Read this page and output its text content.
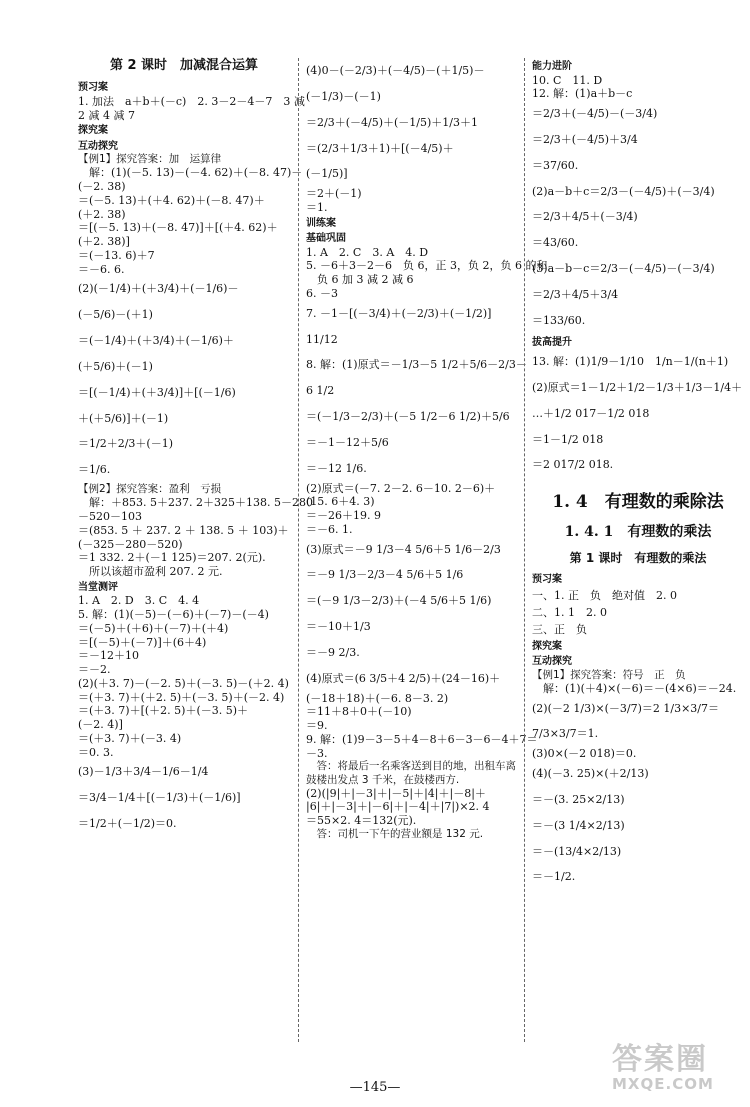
第 2 课时　加减混合运算
预习案
1. 加法　a＋b＋(－c)　2. 3－2－4－7　3 减
2 减 4 减 7
探究案
互动探究
【例1】探究答案：加　运算律
　解：(1)(－5. 13)－(－4. 62)＋(－8. 47)－
(－2. 38)
＝(－5. 13)＋(＋4. 62)＋(－8. 47)＋
(＋2. 38)
＝[(－5. 13)＋(－8. 47)]＋[(＋4. 62)＋
(＋2. 38)]
＝(－13. 6)＋7
＝－6. 6.
(2)(－1/4)＋(＋3/4)＋(－1/6)－
(－5/6)－(＋1)
＝(－1/4)＋(＋3/4)＋(－1/6)＋
(＋5/6)＋(－1)
＝[(－1/4)＋(＋3/4)]＋[(－1/6)
＋(＋5/6)]＋(－1)
＝1/2＋2/3＋(－1)
＝1/6.
【例2】探究答案：盈利　亏损
　解：＋853. 5＋237. 2＋325＋138. 5－280
－520－103
＝(853. 5 ＋ 237. 2 ＋ 138. 5 ＋ 103)＋
(－325－280－520)
＝1 332. 2＋(－1 125)＝207. 2(元).
　所以该超市盈利 207. 2 元.
当堂测评
1. A　2. D　3. C　4. 4
5. 解：(1)(－5)－(－6)＋(－7)－(－4)
＝(－5)＋(＋6)＋(－7)＋(＋4)
＝[(－5)＋(－7)]＋(6＋4)
＝－12＋10
＝－2.
(2)(＋3. 7)－(－2. 5)＋(－3. 5)－(＋2. 4)
＝(＋3. 7)＋(＋2. 5)＋(－3. 5)＋(－2. 4)
＝(＋3. 7)＋[(＋2. 5)＋(－3. 5)＋
(－2. 4)]
＝(＋3. 7)＋(－3. 4)
＝0. 3.
(3)－1/3＋3/4－1/6－1/4
＝3/4－1/4＋[(－1/3)＋(－1/6)]
＝1/2＋(－1/2)＝0.
(4)0－(－2/3)＋(－4/5)－(＋1/5)－
(－1/3)－(－1)
＝2/3＋(－4/5)＋(－1/5)＋1/3＋1
＝(2/3＋1/3＋1)＋[(－4/5)＋
(－1/5)]
＝2＋(－1)
＝1.
训练案
基础巩固
1. A　2. C　3. A　4. D
5. －6＋3－2－6　负 6，正 3，负 2，负 6 的和
　负 6 加 3 减 2 减 6
6. －3
7. －1－[(－3/4)＋(－2/3)＋(－1/2)]
11/12
8. 解：(1)原式＝－1/3－5 1/2＋5/6－2/3－
6 1/2
＝(－1/3－2/3)＋(－5 1/2－6 1/2)＋5/6
＝－1－12＋5/6
＝－12 1/6.
(2)原式＝(－7. 2－2. 6－10. 2－6)＋
(15. 6＋4. 3)
＝－26＋19. 9
＝－6. 1.
(3)原式＝－9 1/3－4 5/6＋5 1/6－2/3
＝－9 1/3－2/3－4 5/6＋5 1/6
＝(－9 1/3－2/3)＋(－4 5/6＋5 1/6)
＝－10＋1/3
＝－9 2/3.
(4)原式＝(6 3/5＋4 2/5)＋(24－16)＋
(－18＋18)＋(－6. 8－3. 2)
＝11＋8＋0＋(－10)
＝9.
9. 解：(1)9－3－5＋4－8＋6－3－6－4＋7＝
－3.
　答：将最后一名乘客送到目的地，出租车离
鼓楼出发点 3 千米，在鼓楼西方.
(2)(|9|＋|－3|＋|－5|＋|4|＋|－8|＋
|6|＋|－3|＋|－6|＋|－4|＋|7|)×2. 4
＝55×2. 4＝132(元).
　答：司机一下午的营业额是 132 元.
能力进阶
10. C　11. D
12. 解：(1)a＋b－c
＝2/3＋(－4/5)－(－3/4)
＝2/3＋(－4/5)＋3/4
＝37/60.
(2)a－b＋c＝2/3－(－4/5)＋(－3/4)
＝2/3＋4/5＋(－3/4)
＝43/60.
(3)a－b－c＝2/3－(－4/5)－(－3/4)
＝2/3＋4/5＋3/4
＝133/60.
拔高提升
13. 解：(1)1/9－1/10　1/n－1/(n＋1)
(2)原式＝1－1/2＋1/2－1/3＋1/3－1/4＋
…＋1/2 017－1/2 018
＝1－1/2 018
＝2 017/2 018.
1. 4　有理数的乘除法
1. 4. 1　有理数的乘法
第 1 课时　有理数的乘法
预习案
一、1. 正　负　绝对值　2. 0
二、1. 1　2. 0
三、正　负
探究案
互动探究
【例1】探究答案：符号　正　负
　解：(1)(＋4)×(－6)＝－(4×6)＝－24.
(2)(－2 1/3)×(－3/7)＝2 1/3×3/7＝
7/3×3/7＝1.
(3)0×(－2 018)＝0.
(4)(－3. 25)×(＋2/13)
＝－(3. 25×2/13)
＝－(3 1/4×2/13)
＝－(13/4×2/13)
＝－1/2.
—145—
答案圈
MXQE.COM
